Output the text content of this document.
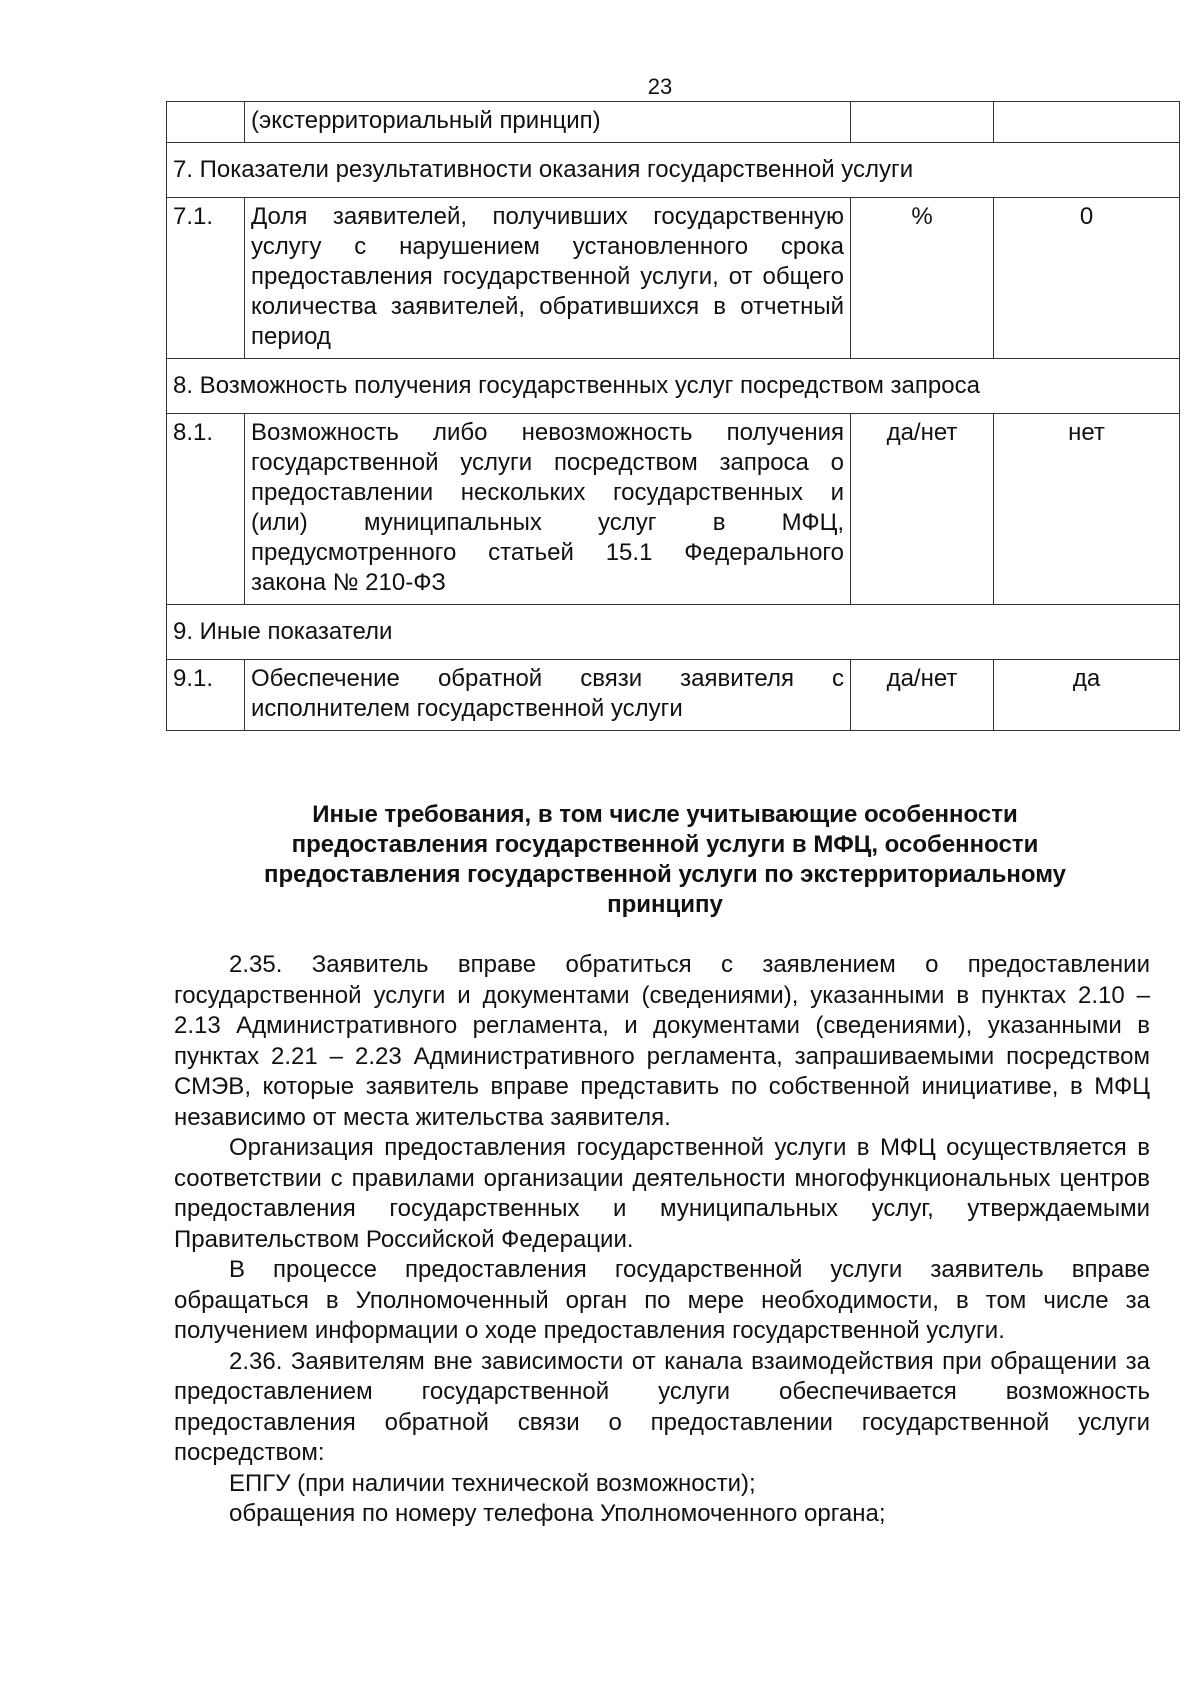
23
	(экстерриториальный принцип)		
7. Показатели результативности оказания государственной услуги			
7.1.	Доля заявителей, получивших государственную услугу с нарушением установленного срока предоставления государственной услуги, от общего количества заявителей, обратившихся в отчетный период	%	0
8. Возможность получения государственных услуг посредством запроса			
8.1.	Возможность либо невозможность получения государственной услуги посредством запроса о предоставлении нескольких государственных и (или) муниципальных услуг в МФЦ, предусмотренного статьей 15.1 Федерального закона № 210-ФЗ	да/нет	нет
9. Иные показатели			
9.1.	Обеспечение обратной связи заявителя с исполнителем государственной услуги	да/нет	да
Иные требования, в том числе учитывающие особенности
предоставления государственной услуги в МФЦ, особенности
предоставления государственной услуги по экстерриториальному
принципу

2.35. Заявитель вправе обратиться с заявлением о предоставлении государственной услуги и документами (сведениями), указанными в пунктах 2.10 – 2.13 Административного регламента, и документами (сведениями), указанными в пунктах 2.21 – 2.23 Административного регламента, запрашиваемыми посредством СМЭВ, которые заявитель вправе представить по собственной инициативе, в МФЦ независимо от места жительства заявителя.

Организация предоставления государственной услуги в МФЦ осуществляется в соответствии с правилами организации деятельности многофункциональных центров предоставления государственных и муниципальных услуг, утверждаемыми Правительством Российской Федерации.

В процессе предоставления государственной услуги заявитель вправе обращаться в Уполномоченный орган по мере необходимости, в том числе за получением информации о ходе предоставления государственной услуги.

2.36. Заявителям вне зависимости от канала взаимодействия при обращении за предоставлением государственной услуги обеспечивается возможность предоставления обратной связи о предоставлении государственной услуги посредством:

ЕПГУ (при наличии технической возможности);

обращения по номеру телефона Уполномоченного органа;
